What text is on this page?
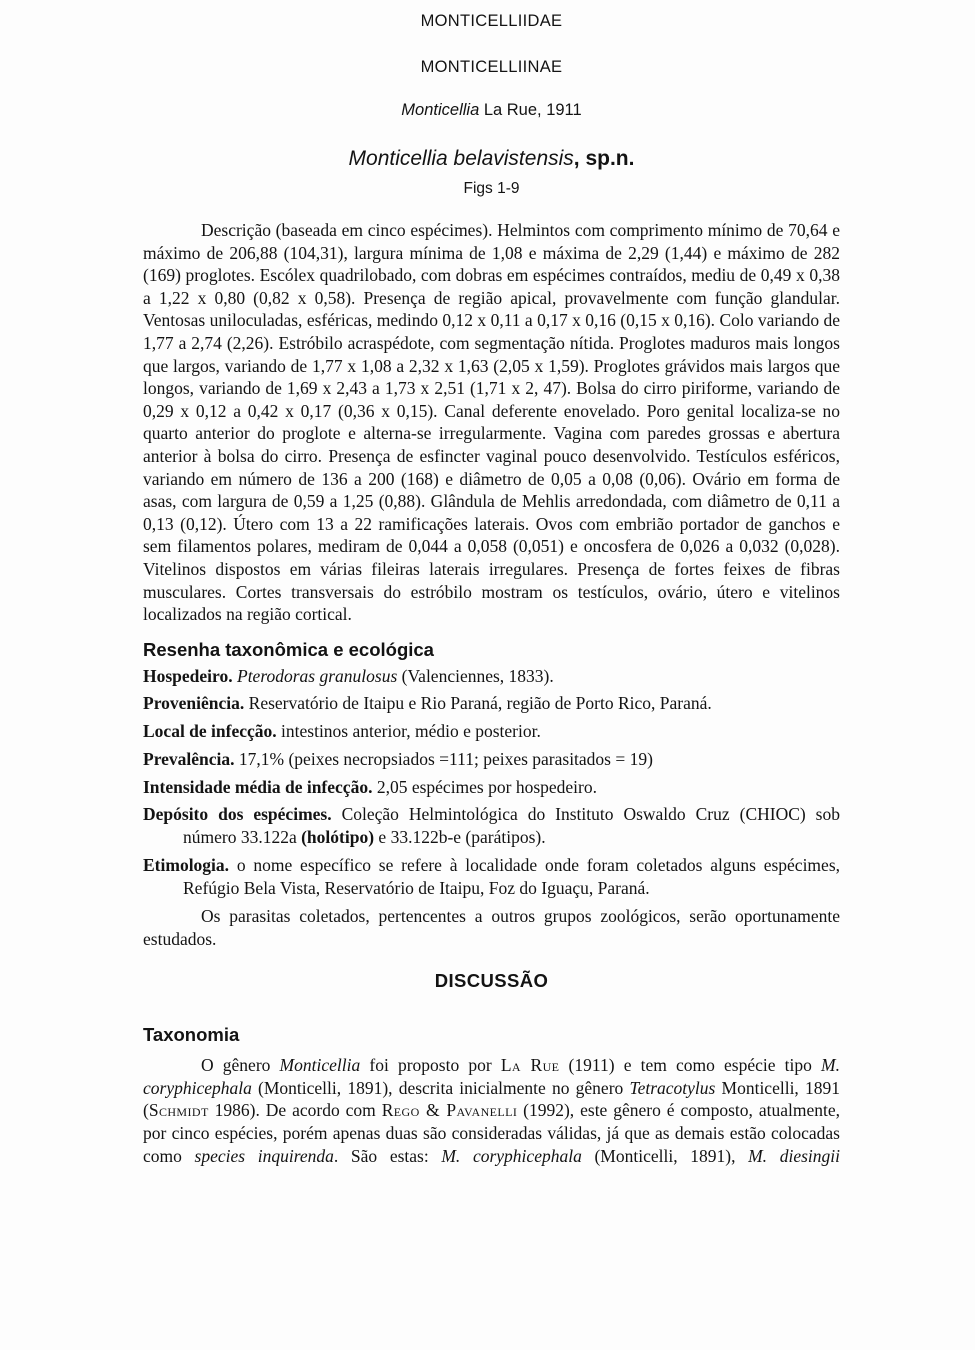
MONTICELLIIDAE

MONTICELLIINAE

Monticellia La Rue, 1911

Monticellia belavistensis, sp.n.

Figs 1-9

Descrição (baseada em cinco espécimes). Helmintos com comprimento mínimo de 70,64 e máximo de 206,88 (104,31), largura mínima de 1,08 e máxima de 2,29 (1,44) e máximo de 282 (169) proglotes. Escólex quadrilobado, com dobras em espécimes contraídos, mediu de 0,49 x 0,38 a 1,22 x 0,80 (0,82 x 0,58). Presença de região apical, provavelmente com função glandular. Ventosas uniloculadas, esféricas, medindo 0,12 x 0,11 a 0,17 x 0,16 (0,15 x 0,16). Colo variando de 1,77 a 2,74 (2,26). Estróbilo acraspédote, com segmentação nítida. Proglotes maduros mais longos que largos, variando de 1,77 x 1,08 a 2,32 x 1,63 (2,05 x 1,59). Proglotes grávidos mais largos que longos, variando de 1,69 x 2,43 a 1,73 x 2,51 (1,71 x 2, 47). Bolsa do cirro piriforme, variando de 0,29 x 0,12 a 0,42 x 0,17 (0,36 x 0,15). Canal deferente enovelado. Poro genital localiza-se no quarto anterior do proglote e alterna-se irregularmente. Vagina com paredes grossas e abertura anterior à bolsa do cirro. Presença de esfincter vaginal pouco desenvolvido. Testículos esféricos, variando em número de 136 a 200 (168) e diâmetro de 0,05 a 0,08 (0,06). Ovário em forma de asas, com largura de 0,59 a 1,25 (0,88). Glândula de Mehlis arredondada, com diâmetro de 0,11 a 0,13 (0,12). Útero com 13 a 22 ramificações laterais. Ovos com embrião portador de ganchos e sem filamentos polares, mediram de 0,044 a 0,058 (0,051) e oncosfera de 0,026 a 0,032 (0,028). Vitelinos dispostos em várias fileiras laterais irregulares. Presença de fortes feixes de fibras musculares. Cortes transversais do estróbilo mostram os testículos, ovário, útero e vitelinos localizados na região cortical.

Resenha taxonômica e ecológica
Hospedeiro. Pterodoras granulosus (Valenciennes, 1833).
Proveniência. Reservatório de Itaipu e Rio Paraná, região de Porto Rico, Paraná.
Local de infecção. intestinos anterior, médio e posterior.
Prevalência. 17,1% (peixes necropsiados =111; peixes parasitados = 19)
Intensidade média de infecção. 2,05 espécimes por hospedeiro.
Depósito dos espécimes. Coleção Helmintológica do Instituto Oswaldo Cruz (CHIOC) sob número 33.122a (holótipo) e 33.122b-e (parátipos).
Etimologia. o nome específico se refere à localidade onde foram coletados alguns espécimes, Refúgio Bela Vista, Reservatório de Itaipu, Foz do Iguaçu, Paraná.

Os parasitas coletados, pertencentes a outros grupos zoológicos, serão oportunamente estudados.

DISCUSSÃO
Taxonomia

O gênero Monticellia foi proposto por La Rue (1911) e tem como espécie tipo M. coryphicephala (Monticelli, 1891), descrita inicialmente no gênero Tetracotylus Monticelli, 1891 (Schmidt 1986). De acordo com Rego & Pavanelli (1992), este gênero é composto, atualmente, por cinco espécies, porém apenas duas são consideradas válidas, já que as demais estão colocadas como species inquirenda. São estas: M. coryphicephala (Monticelli, 1891), M. diesingii
